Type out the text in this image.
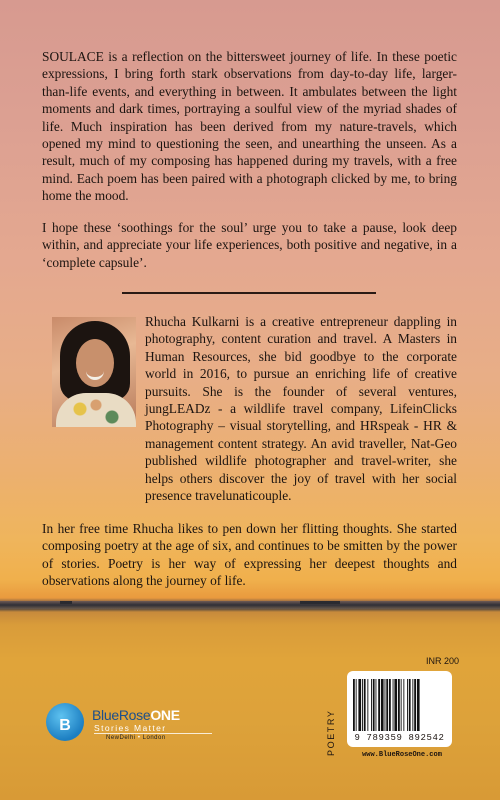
SOULACE is a reflection on the bittersweet journey of life. In these poetic expressions, I bring forth stark observations from day-to-day life, larger-than-life events, and everything in between. It ambulates between the light moments and dark times, portraying a soulful view of the myriad shades of life. Much inspiration has been derived from my nature-travels, which opened my mind to questioning the seen, and unearthing the unseen. As a result, much of my composing has happened during my travels, with a free mind. Each poem has been paired with a photograph clicked by me, to bring home the mood.

I hope these ‘soothings for the soul’ urge you to take a pause, look deep within, and appreciate your life experiences, both positive and negative, in a ‘complete capsule’.

Rhucha Kulkarni is a creative entrepreneur dappling in photography, content curation and travel. A Masters in Human Resources, she bid goodbye to the corporate world in 2016, to pursue an enriching life of creative pursuits. She is the founder of several ventures, jungLEADz - a wildlife travel company, LifeinClicks Photography – visual storytelling, and HRspeak - HR & management content strategy. An avid traveller, Nat-Geo published wildlife photographer and travel-writer, she helps others discover the joy of travel with her social presence travelunaticouple.

In her free time Rhucha likes to pen down her flitting thoughts. She started composing poetry at the age of six, and continues to be smitten by the power of stories. Poetry is her way of expressing her deepest thoughts and observations along the journey of life.

B
BlueRoseONE
Stories Matter
NewDelhi • London
INR 200
POETRY	9 789359 892542
www.BlueRoseOne.com
